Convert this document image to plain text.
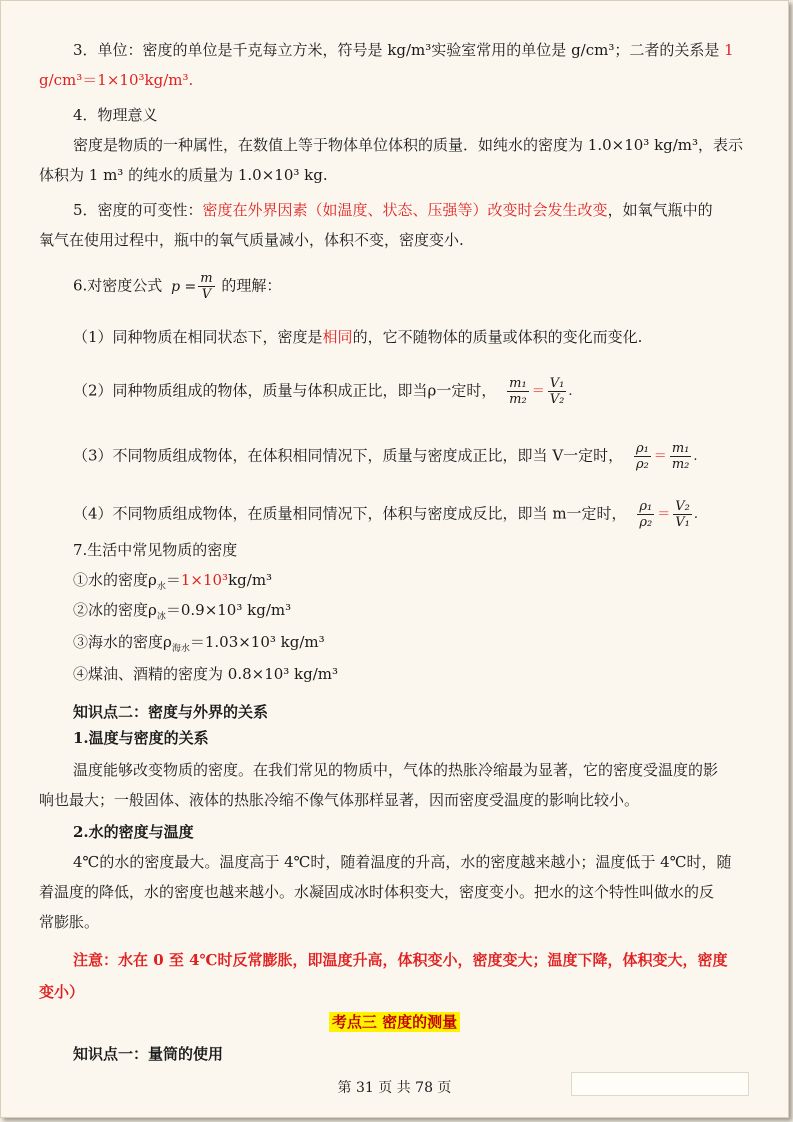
3．单位：密度的单位是千克每立方米，符号是 kg/m³实验室常用的单位是 g/cm³；二者的关系是 1
g/cm³＝1×10³kg/m³.
4．物理意义
密度是物质的一种属性，在数值上等于物体单位体积的质量．如纯水的密度为 1.0×10³ kg/m³，表示
体积为 1 m³ 的纯水的质量为 1.0×10³ kg.
5．密度的可变性：密度在外界因素（如温度、状态、压强等）改变时会发生改变，如氧气瓶中的
氧气在使用过程中，瓶中的氧气质量减小，体积不变，密度变小.
6.对密度公式 $p = \frac{m}{V}$ 的理解：
（1）同种物质在相同状态下，密度是相同的，它不随物体的质量或体积的变化而变化.
（2）同种物质组成的物体，质量与体积成正比，即当ρ一定时， $\frac{\text{m₁}}{\text{m₂}} = \frac{\text{V₁}}{\text{V₂}}$ .
（3）不同物质组成物体，在体积相同情况下，质量与密度成正比，即当 V一定时， $\frac{\text{ρ₁}}{\text{ρ₂}} = \frac{\text{m₁}}{\text{m₂}}$ .
（4）不同物质组成物体，在质量相同情况下，体积与密度成反比，即当 m一定时， $\frac{\text{ρ₁}}{\text{ρ₂}} = \frac{\text{V₂}}{\text{V₁}}$ .
7.生活中常见物质的密度
①水的密度$\rho_水=1\times 10^3kg/m^3$
②冰的密度$\rho_冰=0.9\times 10^3$ kg/m³
③海水的密度$\rho_{海水}=1.03\times 10^3$ kg/m³
④煤油、酒精的密度为 0.8×10³ kg/m³
知识点二：密度与外界的关系
1.温度与密度的关系
温度能够改变物质的密度。在我们常见的物质中，气体的热胀冷缩最为显著，它的密度受温度的影
响也最大；一般固体、液体的热胀冷缩不像气体那样显著，因而密度受温度的影响比较小。
2.水的密度与温度
4℃的水的密度最大。温度高于 4℃时，随着温度的升高，水的密度越来越小；温度低于 4℃时，随
着温度的降低，水的密度也越来越小。水凝固成冰时体积变大，密度变小。把水的这个特性叫做水的反
常膨胀。
注意：水在 0 至 4℃时反常膨胀，即温度升高，体积变小，密度变大；温度下降，体积变大，密度
变小）
考点三 密度的测量
知识点一：量筒的使用
第 31 页 共 78 页
